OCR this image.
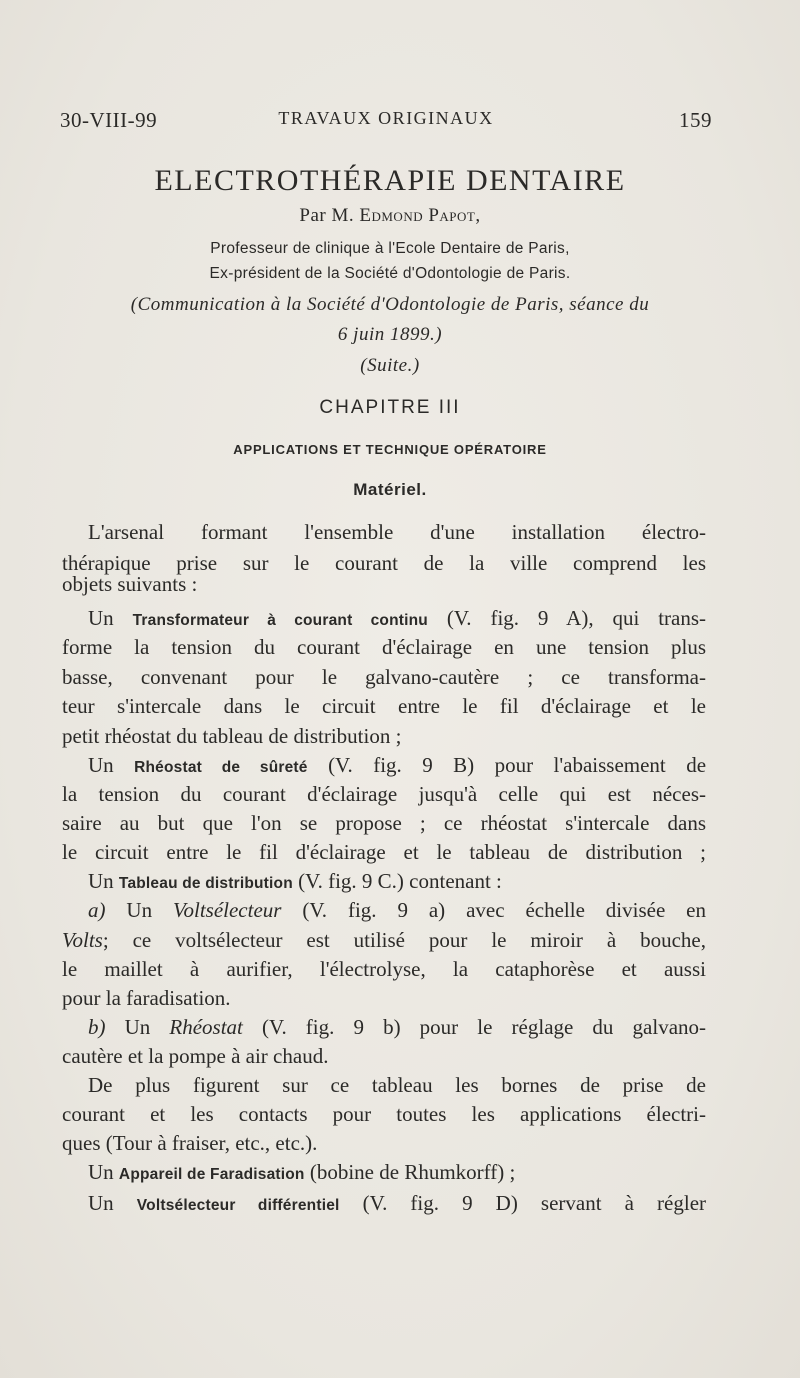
30-VIII-99	TRAVAUX ORIGINAUX	159
ELECTROTHÉRAPIE DENTAIRE
Par M. Edmond Papot,
Professeur de clinique à l'Ecole Dentaire de Paris,
Ex-président de la Société d'Odontologie de Paris.
(Communication à la Société d'Odontologie de Paris, séance du
6 juin 1899.)
(Suite.)
CHAPITRE III
APPLICATIONS ET TECHNIQUE OPÉRATOIRE
Matériel.
L'arsenal formant l'ensemble d'une installation électro-
thérapique prise sur le courant de la ville comprend les
objets suivants :
Un Transformateur à courant continu (V. fig. 9 A), qui trans-
forme la tension du courant d'éclairage en une tension plus
basse, convenant pour le galvano-cautère ; ce transforma-
teur s'intercale dans le circuit entre le fil d'éclairage et le
petit rhéostat du tableau de distribution ;
Un Rhéostat de sûreté (V. fig. 9 B) pour l'abaissement de
la tension du courant d'éclairage jusqu'à celle qui est néces-
saire au but que l'on se propose ; ce rhéostat s'intercale dans
le circuit entre le fil d'éclairage et le tableau de distribution ;
Un Tableau de distribution (V. fig. 9 C.) contenant :
a) Un Voltsélecteur (V. fig. 9 a) avec échelle divisée en
Volts; ce voltsélecteur est utilisé pour le miroir à bouche,
le maillet à aurifier, l'électrolyse, la cataphorèse et aussi
pour la faradisation.
b) Un Rhéostat (V. fig. 9 b) pour le réglage du galvano-
cautère et la pompe à air chaud.
De plus figurent sur ce tableau les bornes de prise de
courant et les contacts pour toutes les applications électri-
ques (Tour à fraiser, etc., etc.).
Un Appareil de Faradisation (bobine de Rhumkorff) ;
Un Voltsélecteur différentiel (V. fig. 9 D) servant à régler
